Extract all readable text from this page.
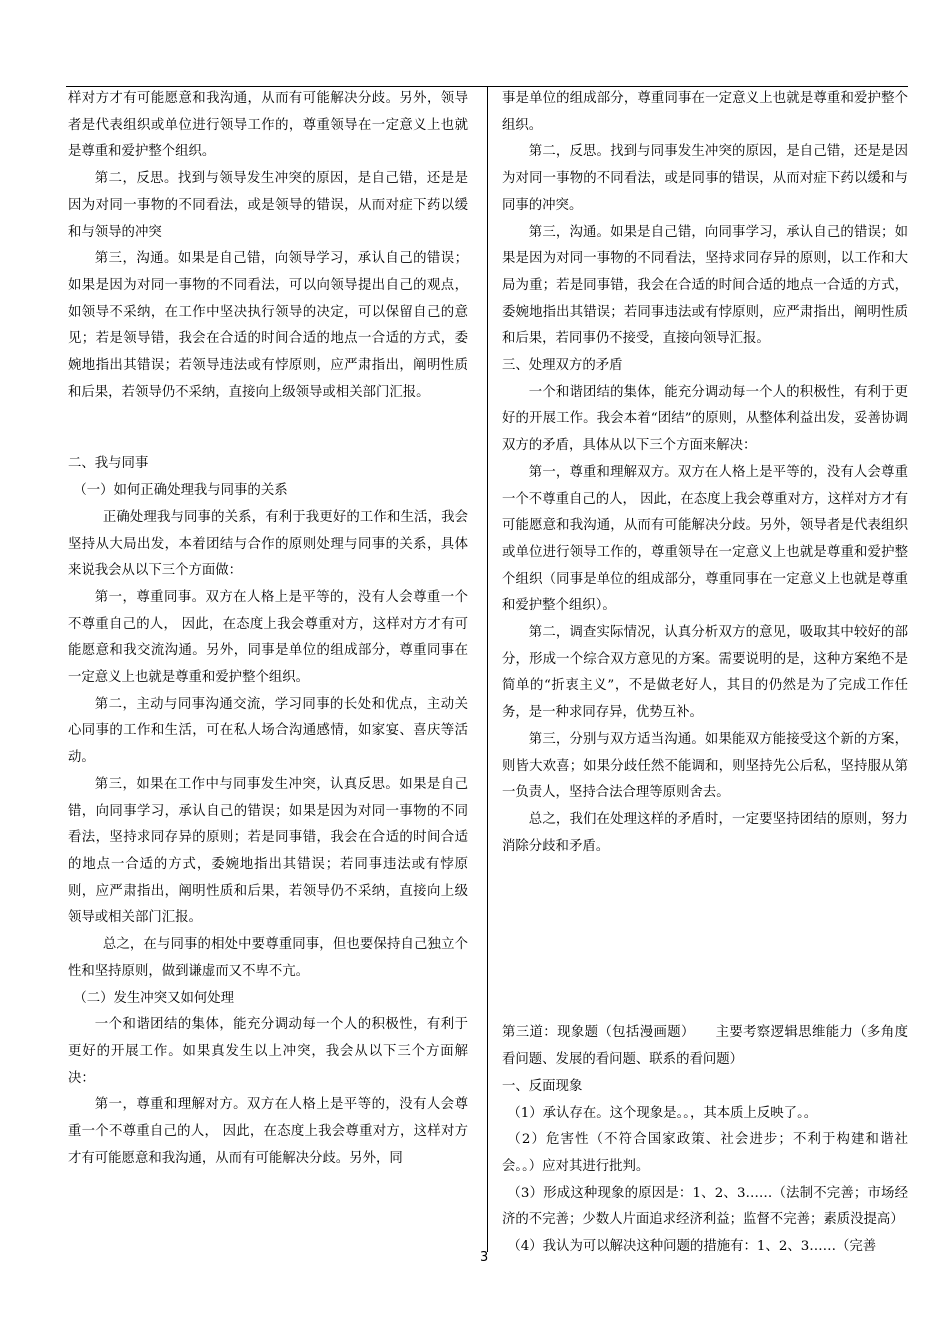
样对方才有可能愿意和我沟通，从而有可能解决分歧。另外，领导者是代表组织或单位进行领导工作的，尊重领导在一定意义上也就是尊重和爱护整个组织。

第二，反思。找到与领导发生冲突的原因，是自己错，还是是因为对同一事物的不同看法，或是领导的错误，从而对症下药以缓和与领导的冲突

第三，沟通。如果是自己错，向领导学习，承认自己的错误；如果是因为对同一事物的不同看法，可以向领导提出自己的观点，如领导不采纳，在工作中坚决执行领导的决定，可以保留自己的意见；若是领导错，我会在合适的时间合适的地点一合适的方式，委婉地指出其错误；若领导违法或有悖原则，应严肃指出，阐明性质和后果，若领导仍不采纳，直接向上级领导或相关部门汇报。

二、我与同事

（一）如何正确处理我与同事的关系

正确处理我与同事的关系，有利于我更好的工作和生活，我会坚持从大局出发，本着团结与合作的原则处理与同事的关系，具体来说我会从以下三个方面做：

第一，尊重同事。双方在人格上是平等的，没有人会尊重一个不尊重自己的人， 因此，在态度上我会尊重对方，这样对方才有可能愿意和我交流沟通。另外，同事是单位的组成部分，尊重同事在一定意义上也就是尊重和爱护整个组织。

第二，主动与同事沟通交流，学习同事的长处和优点，主动关心同事的工作和生活，可在私人场合沟通感情，如家宴、喜庆等活动。

第三，如果在工作中与同事发生冲突，认真反思。如果是自己错，向同事学习，承认自己的错误；如果是因为对同一事物的不同看法，坚持求同存异的原则；若是同事错，我会在合适的时间合适的地点一合适的方式，委婉地指出其错误；若同事违法或有悖原则，应严肃指出，阐明性质和后果，若领导仍不采纳，直接向上级领导或相关部门汇报。

总之，在与同事的相处中要尊重同事，但也要保持自己独立个性和坚持原则，做到谦虚而又不卑不亢。

（二）发生冲突又如何处理

一个和谐团结的集体，能充分调动每一个人的积极性，有利于更好的开展工作。如果真发生以上冲突，我会从以下三个方面解决：

第一，尊重和理解对方。双方在人格上是平等的，没有人会尊重一个不尊重自己的人， 因此，在态度上我会尊重对方，这样对方才有可能愿意和我沟通，从而有可能解决分歧。另外，同

事是单位的组成部分，尊重同事在一定意义上也就是尊重和爱护整个组织。

第二，反思。找到与同事发生冲突的原因，是自己错，还是是因为对同一事物的不同看法，或是同事的错误，从而对症下药以缓和与同事的冲突。

第三，沟通。如果是自己错，向同事学习，承认自己的错误；如果是因为对同一事物的不同看法，坚持求同存异的原则，以工作和大局为重；若是同事错，我会在合适的时间合适的地点一合适的方式，委婉地指出其错误；若同事违法或有悖原则，应严肃指出，阐明性质和后果，若同事仍不接受，直接向领导汇报。

三、处理双方的矛盾

一个和谐团结的集体，能充分调动每一个人的积极性，有利于更好的开展工作。我会本着“团结”的原则，从整体利益出发，妥善协调双方的矛盾，具体从以下三个方面来解决：

第一，尊重和理解双方。双方在人格上是平等的，没有人会尊重一个不尊重自己的人， 因此，在态度上我会尊重对方，这样对方才有可能愿意和我沟通，从而有可能解决分歧。另外，领导者是代表组织或单位进行领导工作的，尊重领导在一定意义上也就是尊重和爱护整个组织（同事是单位的组成部分，尊重同事在一定意义上也就是尊重和爱护整个组织）。

第二，调查实际情况，认真分析双方的意见，吸取其中较好的部分，形成一个综合双方意见的方案。需要说明的是，这种方案绝不是简单的“折衷主义”，不是做老好人，其目的仍然是为了完成工作任务，是一种求同存异，优势互补。

第三，分别与双方适当沟通。如果能双方能接受这个新的方案，则皆大欢喜；如果分歧任然不能调和，则坚持先公后私，坚持服从第一负责人，坚持合法合理等原则舍去。

总之，我们在处理这样的矛盾时，一定要坚持团结的原则，努力消除分歧和矛盾。

第三道：现象题（包括漫画题）　　主要考察逻辑思维能力（多角度看问题、发展的看问题、联系的看问题）

一、反面现象

（1）承认存在。这个现象是。。，其本质上反映了。。

（2）危害性（不符合国家政策、社会进步；不利于构建和谐社会。。）应对其进行批判。

（3）形成这种现象的原因是：1、2、3……（法制不完善；市场经济的不完善；少数人片面追求经济利益；监督不完善；素质没提高）

（4）我认为可以解决这种问题的措施有：1、2、3……（完善

3
